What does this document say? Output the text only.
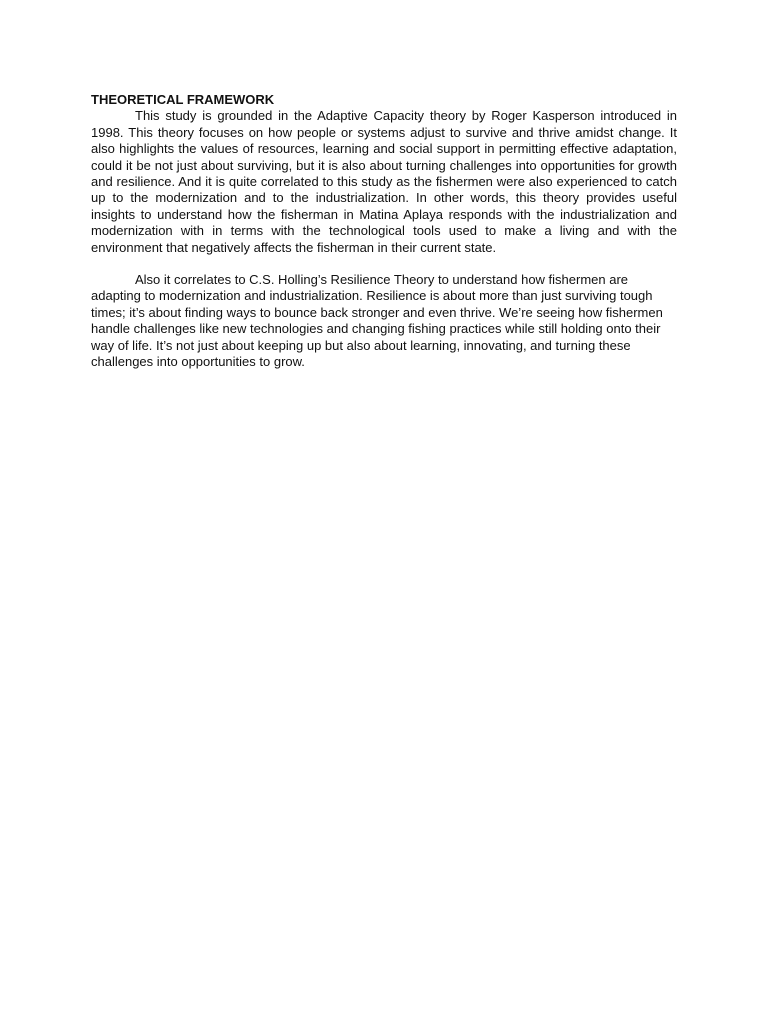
THEORETICAL FRAMEWORK

This study is grounded in the Adaptive Capacity theory by Roger Kasperson introduced in 1998. This theory focuses on how people or systems adjust to survive and thrive amidst change. It also highlights the values of resources, learning and social support in permitting effective adaptation, could it be not just about surviving, but it is also about turning challenges into opportunities for growth and resilience. And it is quite correlated to this study as the fishermen were also experienced to catch up to the modernization and to the industrialization. In other words, this theory provides useful insights to understand how the fisherman in Matina Aplaya responds with the industrialization and modernization with in terms with the technological tools used to make a living and with the environment that negatively affects the fisherman in their current state.

Also it correlates to C.S. Holling’s Resilience Theory to understand how fishermen are adapting to modernization and industrialization. Resilience is about more than just surviving tough times; it’s about finding ways to bounce back stronger and even thrive. We’re seeing how fishermen handle challenges like new technologies and changing fishing practices while still holding onto their way of life. It’s not just about keeping up but also about learning, innovating, and turning these challenges into opportunities to grow.
